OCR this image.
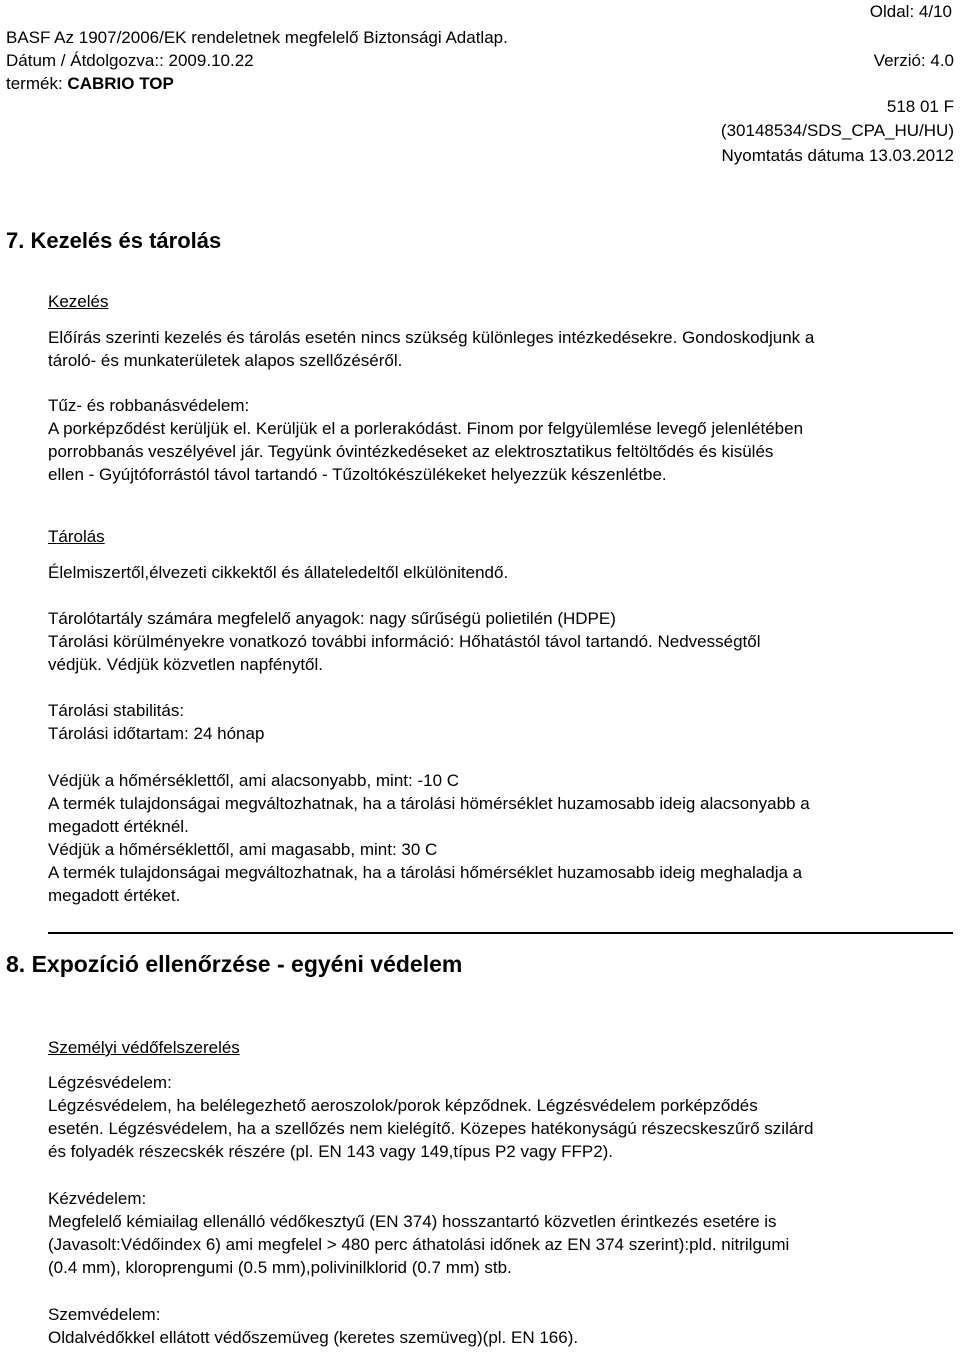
Oldal: 4/10
BASF Az 1907/2006/EK rendeletnek megfelelő Biztonsági Adatlap.
Dátum / Átdolgozva:: 2009.10.22	Verzió: 4.0
termék: CABRIO TOP
518 01 F
(30148534/SDS_CPA_HU/HU)
Nyomtatás dátuma 13.03.2012
7. Kezelés és tárolás
Kezelés
Előírás szerinti kezelés és tárolás esetén nincs szükség különleges intézkedésekre. Gondoskodjunk a
tároló- és munkaterületek alapos szellőzéséről.
Tűz- és robbanásvédelem:
A porképződést kerüljük el. Kerüljük el a porlerakódást. Finom por felgyülemlése levegő jelenlétében
porrobbanás veszélyével jár. Tegyünk óvintézkedéseket az elektrosztatikus feltöltődés és kisülés
ellen - Gyújtóforrástól távol tartandó - Tűzoltókészülékeket helyezzük készenlétbe.
Tárolás
Élelmiszertől,élvezeti cikkektől és állateledeltől elkülönitendő.
Tárolótartály számára megfelelő anyagok: nagy sűrűségü polietilén (HDPE)
Tárolási körülményekre vonatkozó további információ: Hőhatástól távol tartandó. Nedvességtől
védjük. Védjük közvetlen napfénytől.
Tárolási stabilitás:
Tárolási időtartam: 24 hónap
Védjük a hőmérséklettől, ami alacsonyabb, mint: -10 C
A termék tulajdonságai megváltozhatnak, ha a tárolási hömérséklet huzamosabb ideig alacsonyabb a
megadott értéknél.
Védjük a hőmérséklettől, ami magasabb, mint: 30 C
A termék tulajdonságai megváltozhatnak, ha a tárolási hőmérséklet huzamosabb ideig meghaladja a
megadott értéket.
8. Expozíció ellenőrzése - egyéni védelem
Személyi védőfelszerelés
Légzésvédelem:
Légzésvédelem, ha belélegezhető aeroszolok/porok képződnek. Légzésvédelem porképződés
esetén. Légzésvédelem, ha a szellőzés nem kielégítő. Közepes hatékonyságú részecskeszűrő szilárd
és folyadék részecskék részére (pl. EN 143 vagy 149,típus P2 vagy FFP2).
Kézvédelem:
Megfelelő kémiailag ellenálló védőkesztyű (EN 374) hosszantartó közvetlen érintkezés esetére is
(Javasolt:Védőindex 6) ami megfelel > 480 perc áthatolási időnek az EN 374 szerint):pld. nitrilgumi
(0.4 mm), kloroprengumi (0.5 mm),polivinilklorid (0.7 mm) stb.
Szemvédelem:
Oldalvédőkkel ellátott védőszemüveg (keretes szemüveg)(pl. EN 166).
